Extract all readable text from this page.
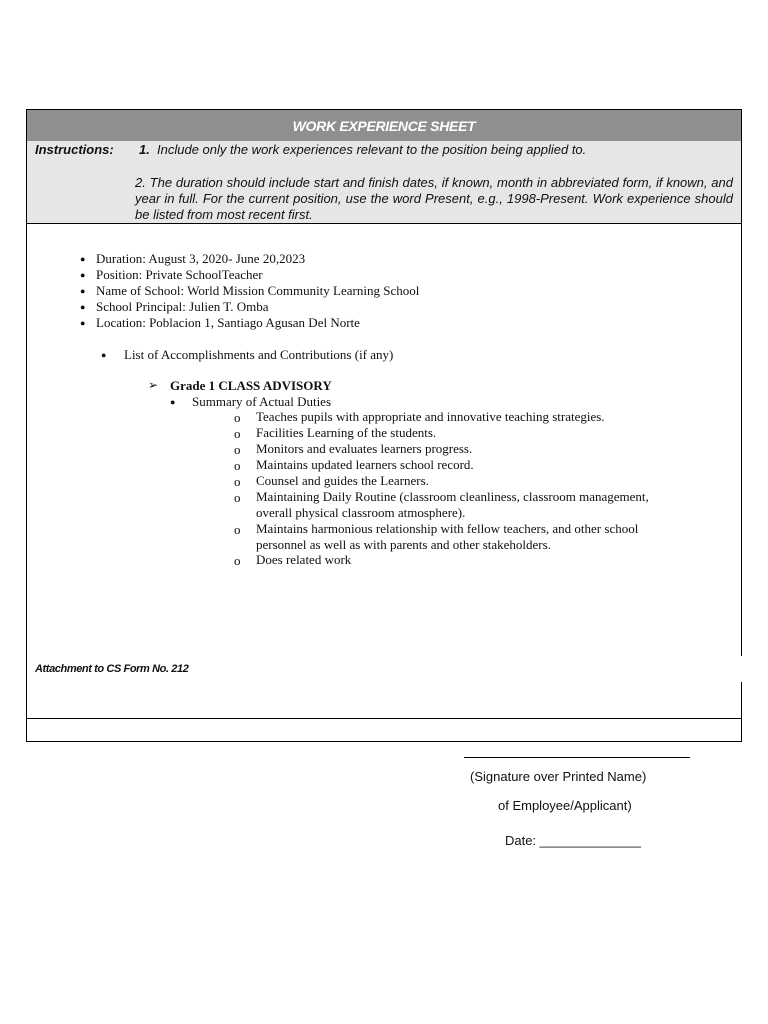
WORK EXPERIENCE SHEET
Instructions: 1. Include only the work experiences relevant to the position being applied to.
2. The duration should include start and finish dates, if known, month in abbreviated form, if known, and year in full. For the current position, use the word Present, e.g., 1998-Present. Work experience should be listed from most recent first.
● Duration: August 3, 2020- June 20,2023
● Position: Private SchoolTeacher
● Name of School: World Mission Community Learning School
● School Principal: Julien T. Omba
● Location: Poblacion 1, Santiago Agusan Del Norte
● List of Accomplishments and Contributions (if any)
➢ Grade 1 CLASS ADVISORY
● Summary of Actual Duties
o Teaches pupils with appropriate and innovative teaching strategies.
o Facilities Learning of the students.
o Monitors and evaluates learners progress.
o Maintains updated learners school record.
o Counsel and guides the Learners.
o Maintaining Daily Routine (classroom cleanliness, classroom management,
overall physical classroom atmosphere).
o Maintains harmonious relationship with fellow teachers, and other school
personnel as well as with parents and other stakeholders.
o Does related work
Attachment to CS Form No. 212
(Signature over Printed Name)
of Employee/Applicant)
Date: ______________
